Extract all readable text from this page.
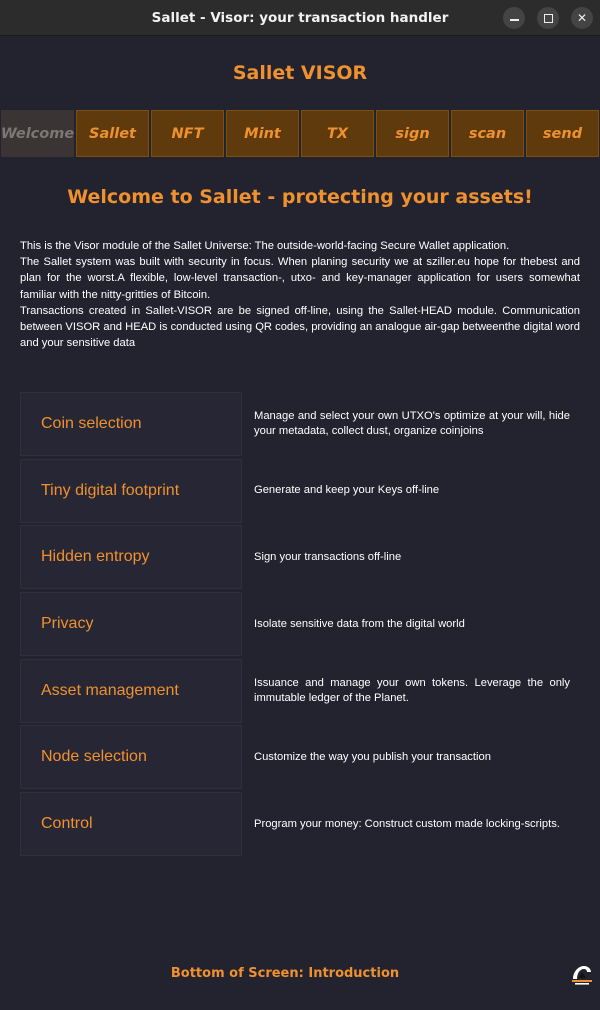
Sallet - Visor: your transaction handler	✕
Sallet VISOR
Welcome	Sallet	NFT	Mint	TX	sign	scan	send
Welcome to Sallet - protecting your assets!

This is the Visor module of the Sallet Universe: The outside-world-facing Secure Wallet application.

The Sallet system was built with security in focus. When planing security we at sziller.eu hope for thebest and plan for the worst.A flexible, low-level transaction-, utxo- and key-manager application for users somewhat familiar with the nitty-gritties of Bitcoin.

Transactions created in Sallet-VISOR are be signed off-line, using the Sallet-HEAD module. Communication between VISOR and HEAD is conducted using QR codes, providing an analogue air-gap betweenthe digital word and your sensitive data

Coin selection	Manage and select your own UTXO's optimize at your will, hide your metadata, collect dust, organize coinjoins
Tiny digital footprint	Generate and keep your Keys off-line
Hidden entropy	Sign your transactions off-line
Privacy	Isolate sensitive data from the digital world
Asset management	Issuance and manage your own tokens. Leverage the only immutable ledger of the Planet.
Node selection	Customize the way you publish your transaction
Control	Program your money: Construct custom made locking-scripts.
Bottom of Screen: Introduction
